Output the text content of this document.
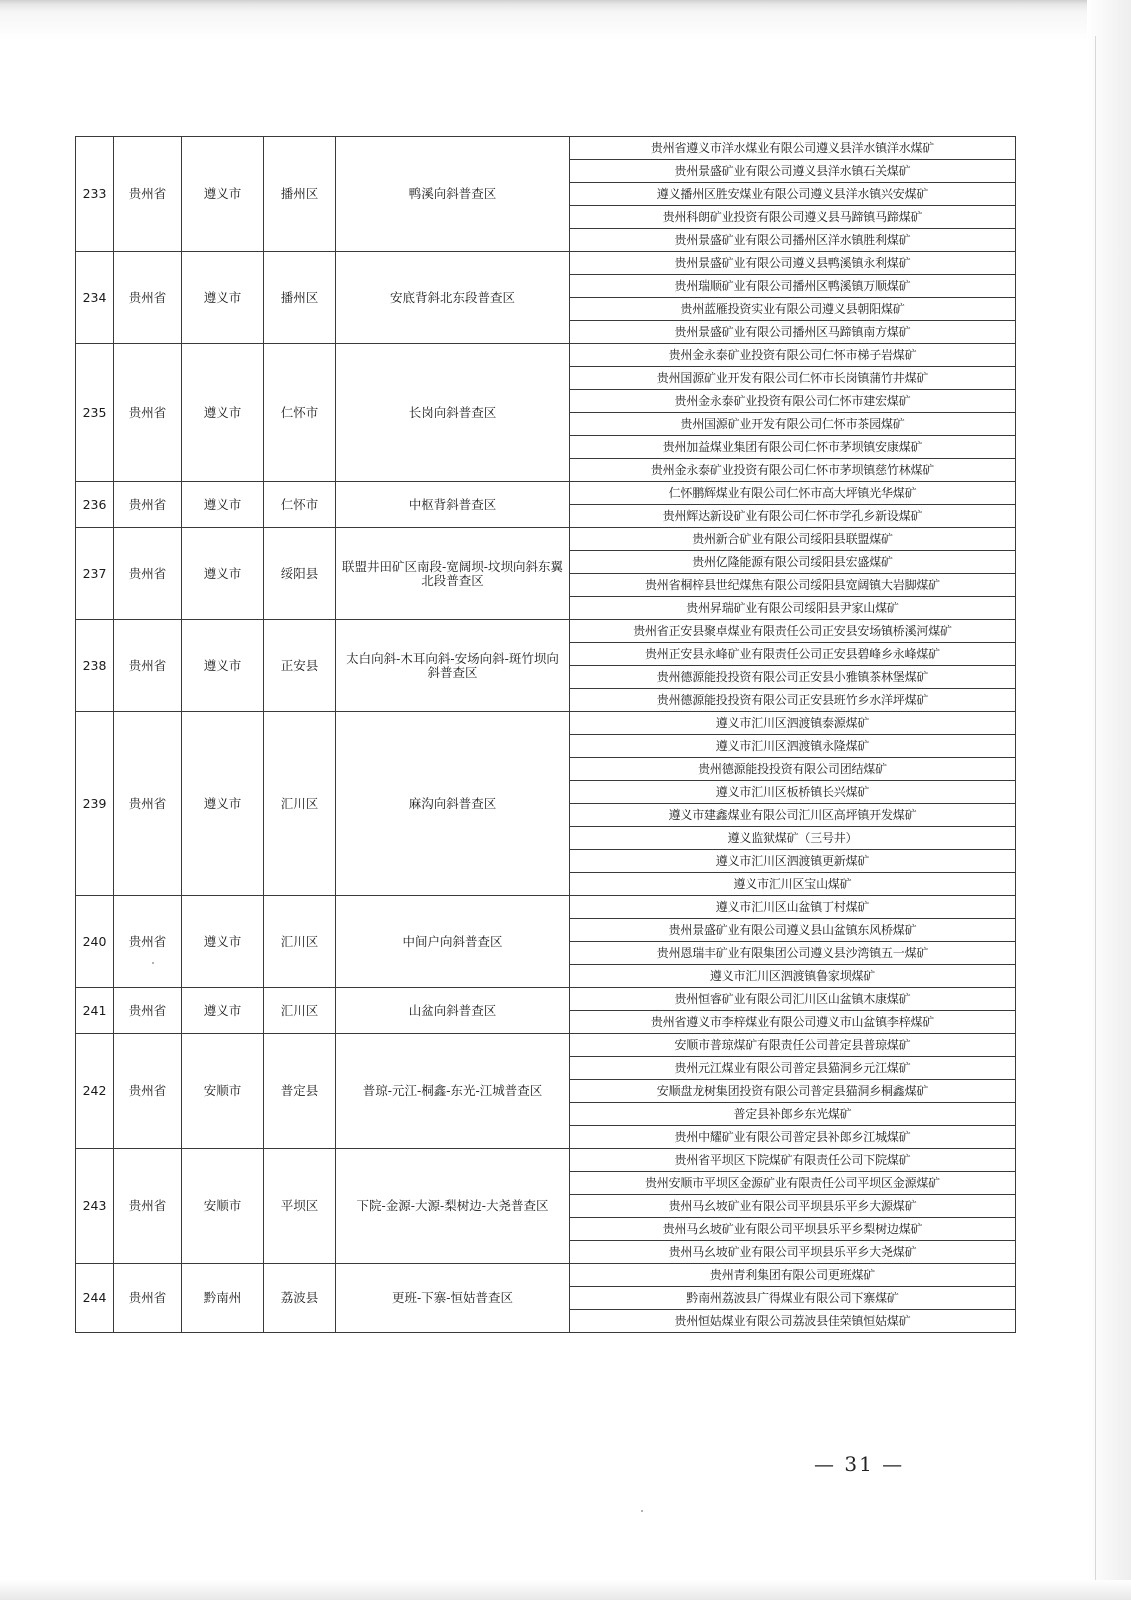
233	贵州省	遵义市	播州区	鸭溪向斜普查区	贵州省遵义市洋水煤业有限公司遵义县洋水镇洋水煤矿
					贵州景盛矿业有限公司遵义县洋水镇石关煤矿
					遵义播州区胜安煤业有限公司遵义县洋水镇兴安煤矿
					贵州科朗矿业投资有限公司遵义县马蹄镇马蹄煤矿
					贵州景盛矿业有限公司播州区洋水镇胜利煤矿
234	贵州省	遵义市	播州区	安底背斜北东段普查区	贵州景盛矿业有限公司遵义县鸭溪镇永利煤矿
					贵州瑞顺矿业有限公司播州区鸭溪镇万顺煤矿
					贵州蓝雁投资实业有限公司遵义县朝阳煤矿
					贵州景盛矿业有限公司播州区马蹄镇南方煤矿
235	贵州省	遵义市	仁怀市	长岗向斜普查区	贵州金永泰矿业投资有限公司仁怀市梯子岩煤矿
					贵州国源矿业开发有限公司仁怀市长岗镇蒲竹井煤矿
					贵州金永泰矿业投资有限公司仁怀市建宏煤矿
					贵州国源矿业开发有限公司仁怀市茶园煤矿
					贵州加益煤业集团有限公司仁怀市茅坝镇安康煤矿
					贵州金永泰矿业投资有限公司仁怀市茅坝镇慈竹林煤矿
236	贵州省	遵义市	仁怀市	中枢背斜普查区	仁怀鹏辉煤业有限公司仁怀市高大坪镇光华煤矿
					贵州辉达新设矿业有限公司仁怀市学孔乡新设煤矿
237	贵州省	遵义市	绥阳县	联盟井田矿区南段-宽阔坝-坟坝向斜东翼北段普查区	贵州新合矿业有限公司绥阳县联盟煤矿
					贵州亿隆能源有限公司绥阳县宏盛煤矿
					贵州省桐梓县世纪煤焦有限公司绥阳县宽阔镇大岩脚煤矿
					贵州昇瑞矿业有限公司绥阳县尹家山煤矿
238	贵州省	遵义市	正安县	太白向斜-木耳向斜-安场向斜-斑竹坝向斜普查区	贵州省正安县聚卓煤业有限责任公司正安县安场镇桥溪河煤矿
					贵州正安县永峰矿业有限责任公司正安县碧峰乡永峰煤矿
					贵州德源能投投资有限公司正安县小雅镇茶林堡煤矿
					贵州德源能投投资有限公司正安县班竹乡水洋坪煤矿
239	贵州省	遵义市	汇川区	麻沟向斜普查区	遵义市汇川区泗渡镇泰源煤矿
					遵义市汇川区泗渡镇永隆煤矿
					贵州德源能投投资有限公司团结煤矿
					遵义市汇川区板桥镇长兴煤矿
					遵义市建鑫煤业有限公司汇川区高坪镇开发煤矿
					遵义监狱煤矿（三号井）
					遵义市汇川区泗渡镇更新煤矿
					遵义市汇川区宝山煤矿
240	贵州省	遵义市	汇川区	中间户向斜普查区	遵义市汇川区山盆镇丁村煤矿
					贵州景盛矿业有限公司遵义县山盆镇东风桥煤矿
					贵州恩瑞丰矿业有限集团公司遵义县沙湾镇五一煤矿
					遵义市汇川区泗渡镇鲁家坝煤矿
241	贵州省	遵义市	汇川区	山盆向斜普查区	贵州恒睿矿业有限公司汇川区山盆镇木康煤矿
					贵州省遵义市李梓煤业有限公司遵义市山盆镇李梓煤矿
242	贵州省	安顺市	普定县	普琼-元江-桐鑫-东光-江城普查区	安顺市普琼煤矿有限责任公司普定县普琼煤矿
					贵州元江煤业有限公司普定县猫洞乡元江煤矿
					安顺盘龙树集团投资有限公司普定县猫洞乡桐鑫煤矿
					普定县补郎乡东光煤矿
					贵州中耀矿业有限公司普定县补郎乡江城煤矿
243	贵州省	安顺市	平坝区	下院-金源-大源-梨树边-大尧普查区	贵州省平坝区下院煤矿有限责任公司下院煤矿
					贵州安顺市平坝区金源矿业有限责任公司平坝区金源煤矿
					贵州马幺坡矿业有限公司平坝县乐平乡大源煤矿
					贵州马幺坡矿业有限公司平坝县乐平乡梨树边煤矿
					贵州马幺坡矿业有限公司平坝县乐平乡大尧煤矿
244	贵州省	黔南州	荔波县	更班-下寨-恒姑普查区	贵州青利集团有限公司更班煤矿
					黔南州荔波县广得煤业有限公司下寨煤矿
					贵州恒姑煤业有限公司荔波县佳荣镇恒姑煤矿
— 31 —
